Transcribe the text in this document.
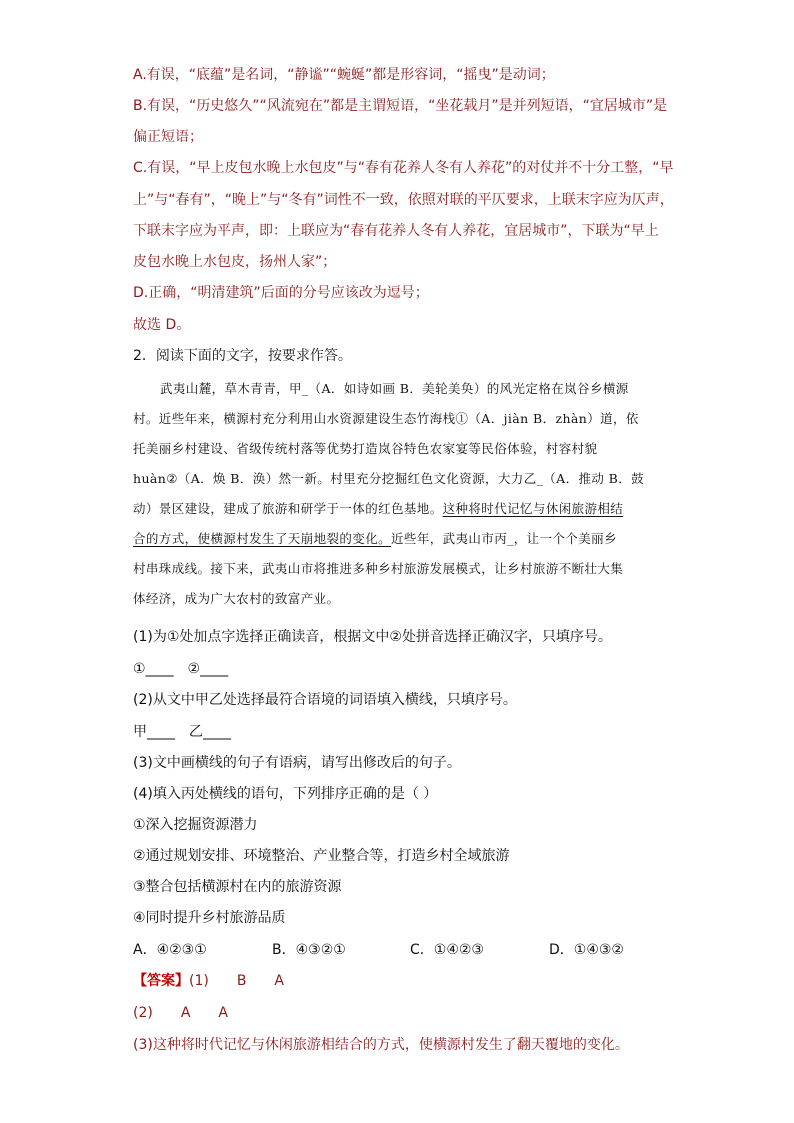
A.有误，“底蕴”是名词，“静谧”“蜿蜒”都是形容词，“摇曳”是动词；
B.有误，“历史悠久”“风流宛在”都是主谓短语，“坐花载月”是并列短语，“宜居城市”是
偏正短语；
C.有误，“早上皮包水晚上水包皮”与“春有花养人冬有人养花”的对仗并不十分工整，“早
上”与“春有”，“晚上”与“冬有”词性不一致，依照对联的平仄要求，上联末字应为仄声，
下联末字应为平声，即：上联应为“春有花养人冬有人养花，宜居城市”，下联为“早上
皮包水晚上水包皮，扬州人家”；
D.正确，“明清建筑”后面的分号应该改为逗号；
故选 D。
2．阅读下面的文字，按要求作答。
武夷山麓，草木青青，甲_（A．如诗如画 B．美轮美奂）的风光定格在岚谷乡横源
村。近些年来，横源村充分利用山水资源建设生态竹海栈①（A．jiàn B．zhàn）道，依
托美丽乡村建设、省级传统村落等优势打造岚谷特色农家宴等民俗体验，村容村貌
huàn②（A．焕 B．涣）然一新。村里充分挖掘红色文化资源，大力乙_（A．推动 B．鼓
动）景区建设，建成了旅游和研学于一体的红色基地。这种将时代记忆与休闲旅游相结
合的方式，使横源村发生了天崩地裂的变化。近些年，武夷山市丙_，让一个个美丽乡
村串珠成线。接下来，武夷山市将推进多种乡村旅游发展模式，让乡村旅游不断壮大集
体经济，成为广大农村的致富产业。
(1)为①处加点字选择正确读音，根据文中②处拼音选择正确汉字，只填序号。
①____　②____
(2)从文中甲乙处选择最符合语境的词语填入横线，只填序号。
甲____　乙____
(3)文中画横线的句子有语病，请写出修改后的句子。
(4)填入丙处横线的语句，下列排序正确的是（ ）
①深入挖掘资源潜力
②通过规划安排、环境整治、产业整合等，打造乡村全域旅游
③整合包括横源村在内的旅游资源
④同时提升乡村旅游品质
A．④②③①	B．④③②①	C．①④②③	D．①④③②
【答案】(1)　　B　　A
(2)　　A　　A
(3)这种将时代记忆与休闲旅游相结合的方式，使横源村发生了翻天覆地的变化。
